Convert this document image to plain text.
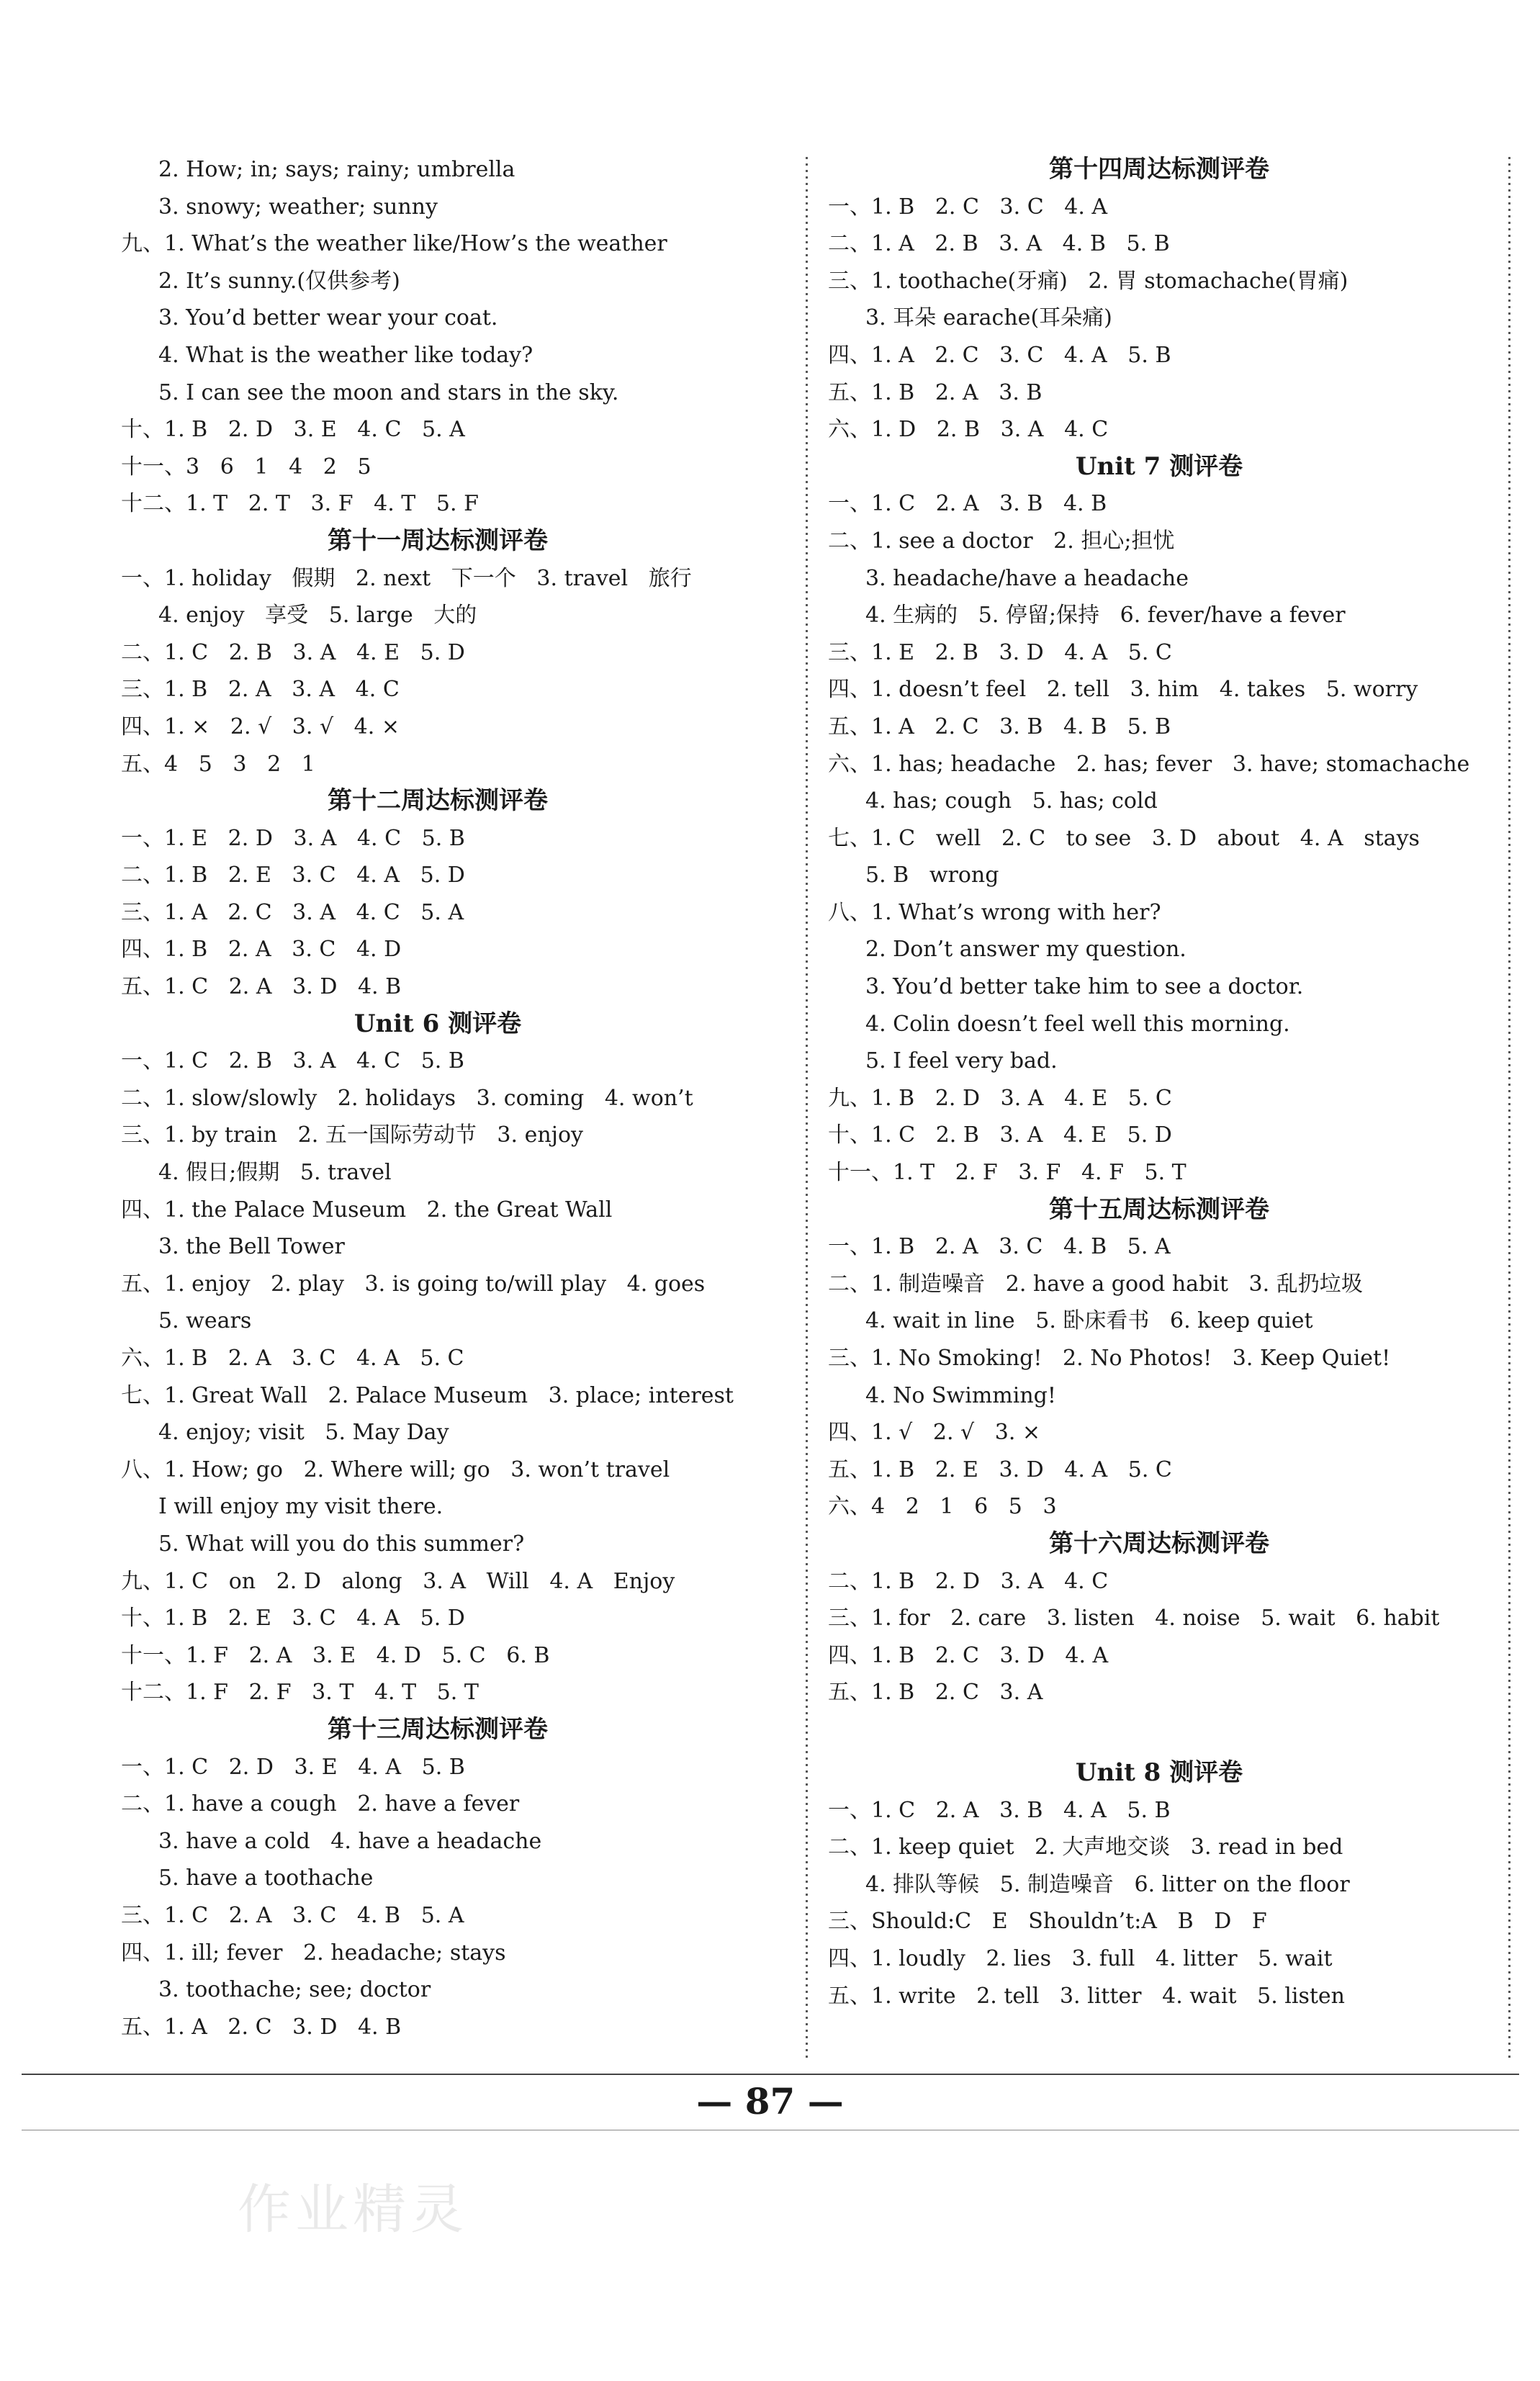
2. How; in; says; rainy; umbrella
3. snowy; weather; sunny
九、1. What’s the weather like/How’s the weather
2. It’s sunny.(仅供参考)
3. You’d better wear your coat.
4. What is the weather like today?
5. I can see the moon and stars in the sky.
十、1. B   2. D   3. E   4. C   5. A
十一、3   6   1   4   2   5
十二、1. T   2. T   3. F   4. T   5. F
第十一周达标测评卷
一、1. holiday   假期   2. next   下一个   3. travel   旅行
4. enjoy   享受   5. large   大的
二、1. C   2. B   3. A   4. E   5. D
三、1. B   2. A   3. A   4. C
四、1. ×   2. √   3. √   4. ×
五、4   5   3   2   1
第十二周达标测评卷
一、1. E   2. D   3. A   4. C   5. B
二、1. B   2. E   3. C   4. A   5. D
三、1. A   2. C   3. A   4. C   5. A
四、1. B   2. A   3. C   4. D
五、1. C   2. A   3. D   4. B
Unit 6 测评卷
一、1. C   2. B   3. A   4. C   5. B
二、1. slow/slowly   2. holidays   3. coming   4. won’t
三、1. by train   2. 五一国际劳动节   3. enjoy
4. 假日;假期   5. travel
四、1. the Palace Museum   2. the Great Wall
3. the Bell Tower
五、1. enjoy   2. play   3. is going to/will play   4. goes
5. wears
六、1. B   2. A   3. C   4. A   5. C
七、1. Great Wall   2. Palace Museum   3. place; interest
4. enjoy; visit   5. May Day
八、1. How; go   2. Where will; go   3. won’t travel
I will enjoy my visit there.
5. What will you do this summer?
九、1. C   on   2. D   along   3. A   Will   4. A   Enjoy
十、1. B   2. E   3. C   4. A   5. D
十一、1. F   2. A   3. E   4. D   5. C   6. B
十二、1. F   2. F   3. T   4. T   5. T
第十三周达标测评卷
一、1. C   2. D   3. E   4. A   5. B
二、1. have a cough   2. have a fever
3. have a cold   4. have a headache
5. have a toothache
三、1. C   2. A   3. C   4. B   5. A
四、1. ill; fever   2. headache; stays
3. toothache; see; doctor
五、1. A   2. C   3. D   4. B
第十四周达标测评卷
一、1. B   2. C   3. C   4. A
二、1. A   2. B   3. A   4. B   5. B
三、1. toothache(牙痛)   2. 胃 stomachache(胃痛)
3. 耳朵 earache(耳朵痛)
四、1. A   2. C   3. C   4. A   5. B
五、1. B   2. A   3. B
六、1. D   2. B   3. A   4. C
Unit 7 测评卷
一、1. C   2. A   3. B   4. B
二、1. see a doctor   2. 担心;担忧
3. headache/have a headache
4. 生病的   5. 停留;保持   6. fever/have a fever
三、1. E   2. B   3. D   4. A   5. C
四、1. doesn’t feel   2. tell   3. him   4. takes   5. worry
五、1. A   2. C   3. B   4. B   5. B
六、1. has; headache   2. has; fever   3. have; stomachache
4. has; cough   5. has; cold
七、1. C   well   2. C   to see   3. D   about   4. A   stays
5. B   wrong
八、1. What’s wrong with her?
2. Don’t answer my question.
3. You’d better take him to see a doctor.
4. Colin doesn’t feel well this morning.
5. I feel very bad.
九、1. B   2. D   3. A   4. E   5. C
十、1. C   2. B   3. A   4. E   5. D
十一、1. T   2. F   3. F   4. F   5. T
第十五周达标测评卷
一、1. B   2. A   3. C   4. B   5. A
二、1. 制造噪音   2. have a good habit   3. 乱扔垃圾
4. wait in line   5. 卧床看书   6. keep quiet
三、1. No Smoking!   2. No Photos!   3. Keep Quiet!
4. No Swimming!
四、1. √   2. √   3. ×
五、1. B   2. E   3. D   4. A   5. C
六、4   2   1   6   5   3
第十六周达标测评卷
二、1. B   2. D   3. A   4. C
三、1. for   2. care   3. listen   4. noise   5. wait   6. habit
四、1. B   2. C   3. D   4. A
五、1. B   2. C   3. A
Unit 8 测评卷
一、1. C   2. A   3. B   4. A   5. B
二、1. keep quiet   2. 大声地交谈   3. read in bed
4. 排队等候   5. 制造噪音   6. litter on the floor
三、Should:C   E   Shouldn’t:A   B   D   F
四、1. loudly   2. lies   3. full   4. litter   5. wait
五、1. write   2. tell   3. litter   4. wait   5. listen
— 87 —
作业精灵
